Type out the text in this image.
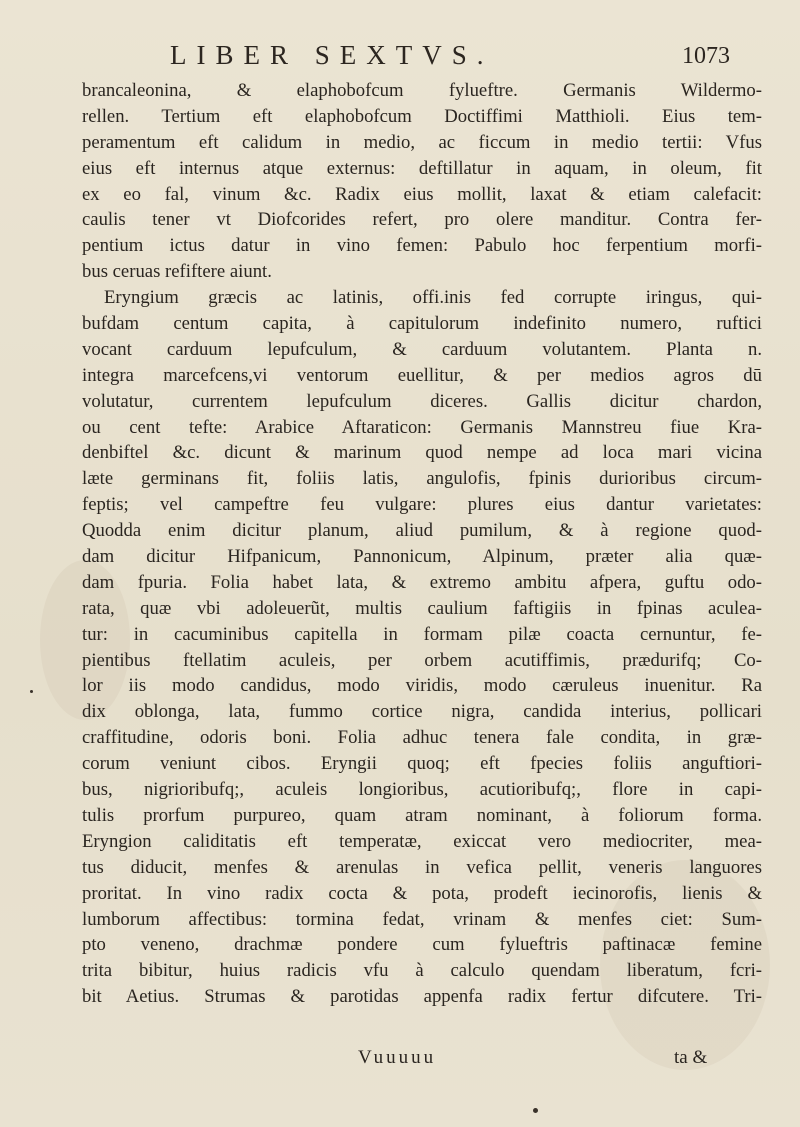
LIBER SEXTVS.	1073
brancaleonina, & elaphobofcum fylueftre. Germanis Wildermo-
rellen. Tertium eft elaphobofcum Doctiffimi Matthioli. Eius tem-
peramentum eft calidum in medio, ac ficcum in medio tertii: Vfus
eius eft internus atque externus: deftillatur in aquam, in oleum, fit
ex eo fal, vinum &c. Radix eius mollit, laxat & etiam calefacit:
caulis tener vt Diofcorides refert, pro olere manditur. Contra fer-
pentium ictus datur in vino femen: Pabulo hoc ferpentium morfi-
bus ceruas refiftere aiunt.
Eryngium græcis ac latinis, offi.inis fed corrupte iringus, qui-
bufdam centum capita, à capitulorum indefinito numero, ruftici
vocant carduum lepufculum, & carduum volutantem. Planta n.
integra marcefcens,vi ventorum euellitur, & per medios agros dū
volutatur, currentem lepufculum diceres. Gallis dicitur chardon,
ou cent tefte: Arabice Aftaraticon: Germanis Mannstreu fiue Kra-
denbiftel &c. dicunt & marinum quod nempe ad loca mari vicina
læte germinans fit, foliis latis, angulofis, fpinis durioribus circum-
feptis; vel campeftre feu vulgare: plures eius dantur varietates:
Quodda enim dicitur planum, aliud pumilum, & à regione quod-
dam dicitur Hifpanicum, Pannonicum, Alpinum, præter alia quæ-
dam fpuria. Folia habet lata, & extremo ambitu afpera, guftu odo-
rata, quæ vbi adoleuerũt, multis caulium faftigiis in fpinas aculea-
tur: in cacuminibus capitella in formam pilæ coacta cernuntur, fe-
pientibus ftellatim aculeis, per orbem acutiffimis, prædurifq; Co-
lor iis modo candidus, modo viridis, modo cæruleus inuenitur. Ra
dix oblonga, lata, fummo cortice nigra, candida interius, pollicari
craffitudine, odoris boni. Folia adhuc tenera fale condita, in græ-
corum veniunt cibos. Eryngii quoq; eft fpecies foliis anguftiori-
bus, nigrioribufq;, aculeis longioribus, acutioribufq;, flore in capi-
tulis prorfum purpureo, quam atram nominant, à foliorum forma.
Eryngion caliditatis eft temperatæ, exiccat vero mediocriter, mea-
tus diducit, menfes & arenulas in vefica pellit, veneris languores
proritat. In vino radix cocta & pota, prodeft iecinorofis, lienis &
lumborum affectibus: tormina fedat, vrinam & menfes ciet: Sum-
pto veneno, drachmæ pondere cum fylueftris paftinacæ femine
trita bibitur, huius radicis vfu à calculo quendam liberatum, fcri-
bit Aetius. Strumas & parotidas appenfa radix fertur difcutere. Tri-
Vuuuuu	ta &
